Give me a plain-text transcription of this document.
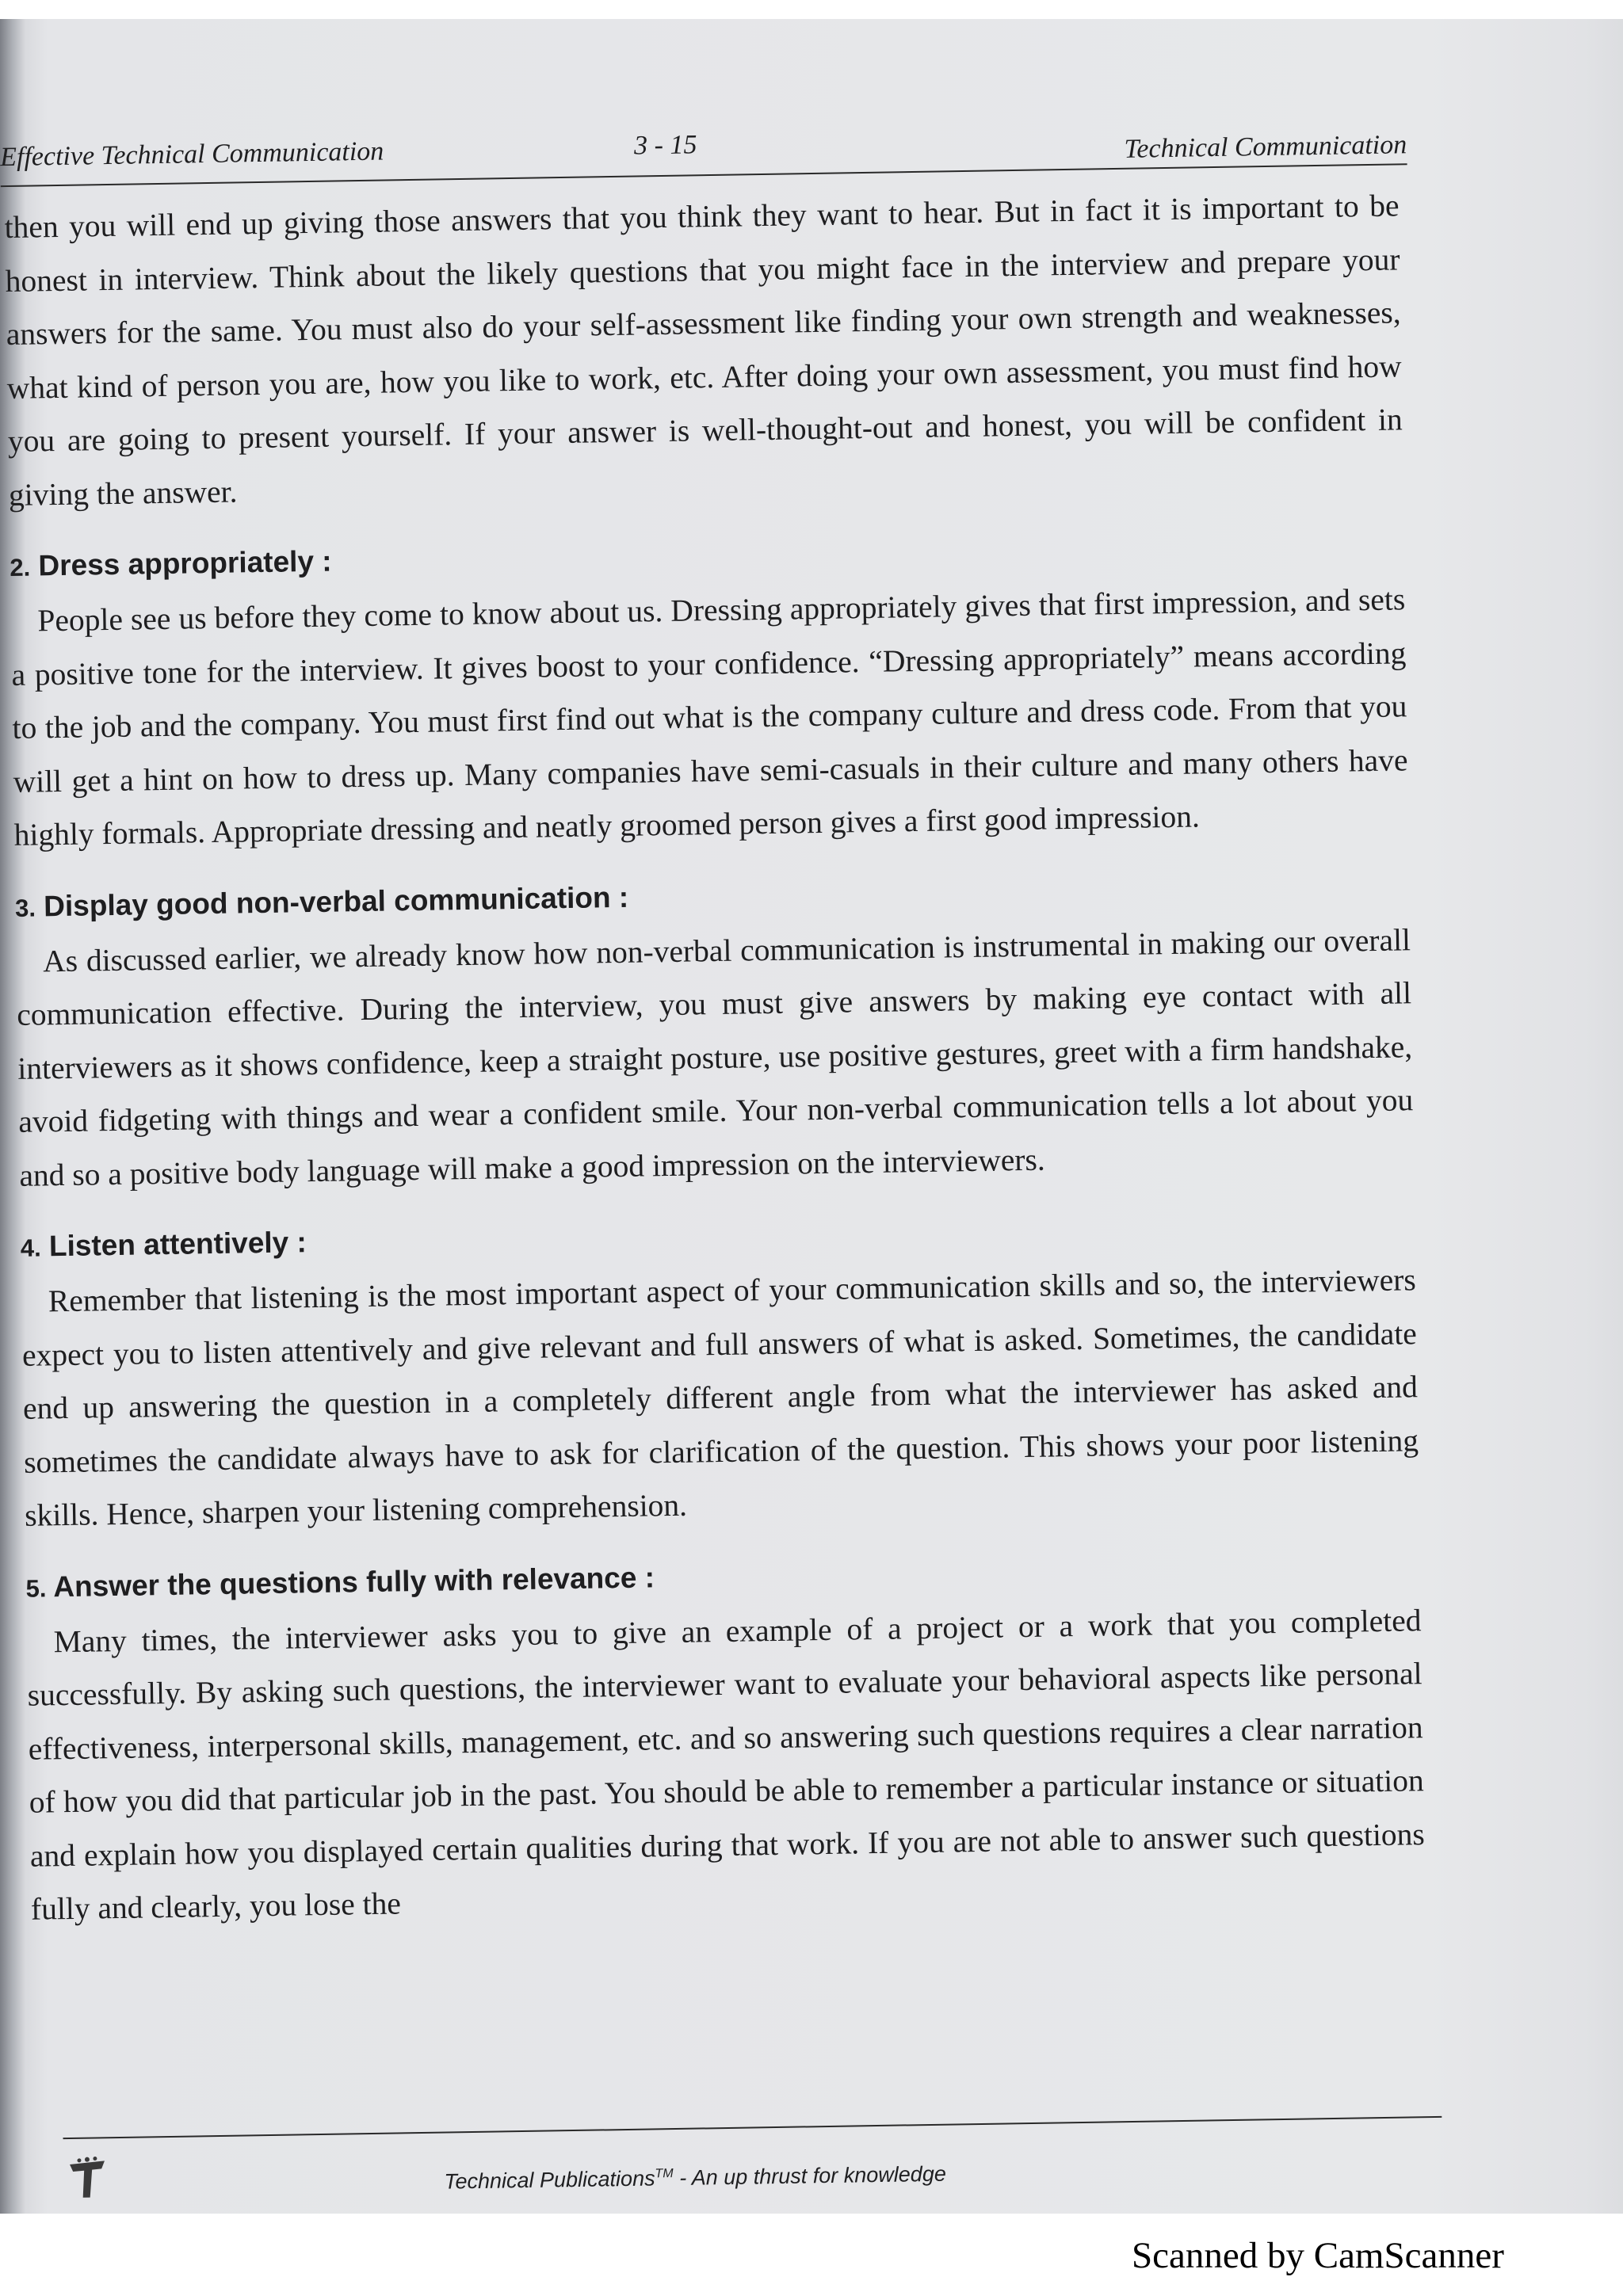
Effective Technical Communication	3 - 15	Technical Communication

then you will end up giving those answers that you think they want to hear. But in fact it is important to be honest in interview. Think about the likely questions that you might face in the interview and prepare your answers for the same. You must also do your self-assessment like finding your own strength and weaknesses, what kind of person you are, how you like to work, etc. After doing your own assessment, you must find how you are going to present yourself. If your answer is well-thought-out and honest, you will be confident in giving the answer.

2. Dress appropriately :

People see us before they come to know about us. Dressing appropriately gives that first impression, and sets a positive tone for the interview. It gives boost to your confidence. “Dressing appropriately” means according to the job and the company. You must first find out what is the company culture and dress code. From that you will get a hint on how to dress up. Many companies have semi-casuals in their culture and many others have highly formals. Appropriate dressing and neatly groomed person gives a first good impression.

3. Display good non-verbal communication :

As discussed earlier, we already know how non-verbal communication is instrumental in making our overall communication effective. During the interview, you must give answers by making eye contact with all interviewers as it shows confidence, keep a straight posture, use positive gestures, greet with a firm handshake, avoid fidgeting with things and wear a confident smile. Your non-verbal communication tells a lot about you and so a positive body language will make a good impression on the interviewers.

4. Listen attentively :

Remember that listening is the most important aspect of your communication skills and so, the interviewers expect you to listen attentively and give relevant and full answers of what is asked. Sometimes, the candidate end up answering the question in a completely different angle from what the interviewer has asked and sometimes the candidate always have to ask for clarification of the question. This shows your poor listening skills. Hence, sharpen your listening comprehension.

5. Answer the questions fully with relevance :

Many times, the interviewer asks you to give an example of a project or a work that you completed successfully. By asking such questions, the interviewer want to evaluate your behavioral aspects like personal effectiveness, interpersonal skills, management, etc. and so answering such questions requires a clear narration of how you did that particular job in the past. You should be able to remember a particular instance or situation and explain how you displayed certain qualities during that work. If you are not able to answer such questions fully and clearly, you lose the

Technical Publications™ - An up thrust for knowledge
Scanned by CamScanner
